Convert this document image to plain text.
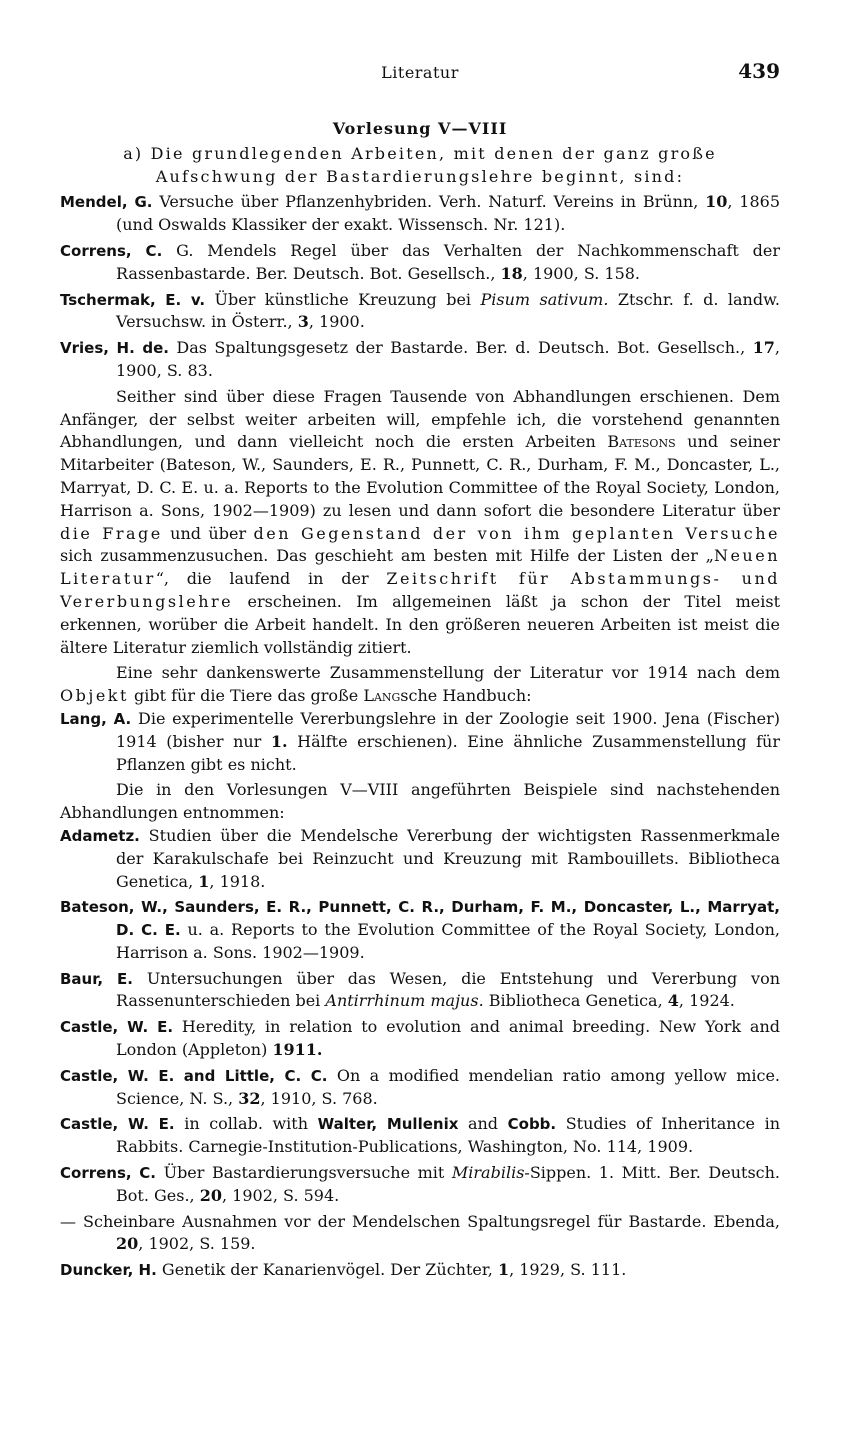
Literatur	439
Vorlesung V—VIII
a) Die grundlegenden Arbeiten, mit denen der ganz große Aufschwung der Bastardierungslehre beginnt, sind:
Mendel, G. Versuche über Pflanzenhybriden. Verh. Naturf. Vereins in Brünn, 10, 1865 (und Oswalds Klassiker der exakt. Wissensch. Nr. 121).
Correns, C. G. Mendels Regel über das Verhalten der Nachkommenschaft der Rassenbastarde. Ber. Deutsch. Bot. Gesellsch., 18, 1900, S. 158.
Tschermak, E. v. Über künstliche Kreuzung bei Pisum sativum. Ztschr. f. d. landw. Versuchsw. in Österr., 3, 1900.
Vries, H. de. Das Spaltungsgesetz der Bastarde. Ber. d. Deutsch. Bot. Gesellsch., 17, 1900, S. 83.
Seither sind über diese Fragen Tausende von Abhandlungen erschienen. Dem Anfänger, der selbst weiter arbeiten will, empfehle ich, die vorstehend genannten Abhandlungen, und dann vielleicht noch die ersten Arbeiten Batesons und seiner Mitarbeiter (Bateson, W., Saunders, E. R., Punnett, C. R., Durham, F. M., Doncaster, L., Marryat, D. C. E. u. a. Reports to the Evolution Committee of the Royal Society, London, Harrison a. Sons, 1902—1909) zu lesen und dann sofort die besondere Literatur über die Frage und über den Gegenstand der von ihm geplanten Versuche sich zusammenzusuchen. Das geschieht am besten mit Hilfe der Listen der „Neuen Literatur“, die laufend in der Zeitschrift für Abstammungs- und Vererbungslehre erscheinen. Im allgemeinen läßt ja schon der Titel meist erkennen, worüber die Arbeit handelt. In den größeren neueren Arbeiten ist meist die ältere Literatur ziemlich vollständig zitiert.
Eine sehr dankenswerte Zusammenstellung der Literatur vor 1914 nach dem Objekt gibt für die Tiere das große Langsche Handbuch:
Lang, A. Die experimentelle Vererbungslehre in der Zoologie seit 1900. Jena (Fischer) 1914 (bisher nur 1. Hälfte erschienen). Eine ähnliche Zusammenstellung für Pflanzen gibt es nicht.
Die in den Vorlesungen V—VIII angeführten Beispiele sind nachstehenden Abhandlungen entnommen:
Adametz. Studien über die Mendelsche Vererbung der wichtigsten Rassenmerkmale der Karakulschafe bei Reinzucht und Kreuzung mit Rambouillets. Bibliotheca Genetica, 1, 1918.
Bateson, W., Saunders, E. R., Punnett, C. R., Durham, F. M., Doncaster, L., Marryat, D. C. E. u. a. Reports to the Evolution Committee of the Royal Society, London, Harrison a. Sons. 1902—1909.
Baur, E. Untersuchungen über das Wesen, die Entstehung und Vererbung von Rassenunterschieden bei Antirrhinum majus. Bibliotheca Genetica, 4, 1924.
Castle, W. E. Heredity, in relation to evolution and animal breeding. New York and London (Appleton) 1911.
Castle, W. E. and Little, C. C. On a modified mendelian ratio among yellow mice. Science, N. S., 32, 1910, S. 768.
Castle, W. E. in collab. with Walter, Mullenix and Cobb. Studies of Inheritance in Rabbits. Carnegie-Institution-Publications, Washington, No. 114, 1909.
Correns, C. Über Bastardierungsversuche mit Mirabilis-Sippen. 1. Mitt. Ber. Deutsch. Bot. Ges., 20, 1902, S. 594.
— Scheinbare Ausnahmen vor der Mendelschen Spaltungsregel für Bastarde. Ebenda, 20, 1902, S. 159.
Duncker, H. Genetik der Kanarienvögel. Der Züchter, 1, 1929, S. 111.
